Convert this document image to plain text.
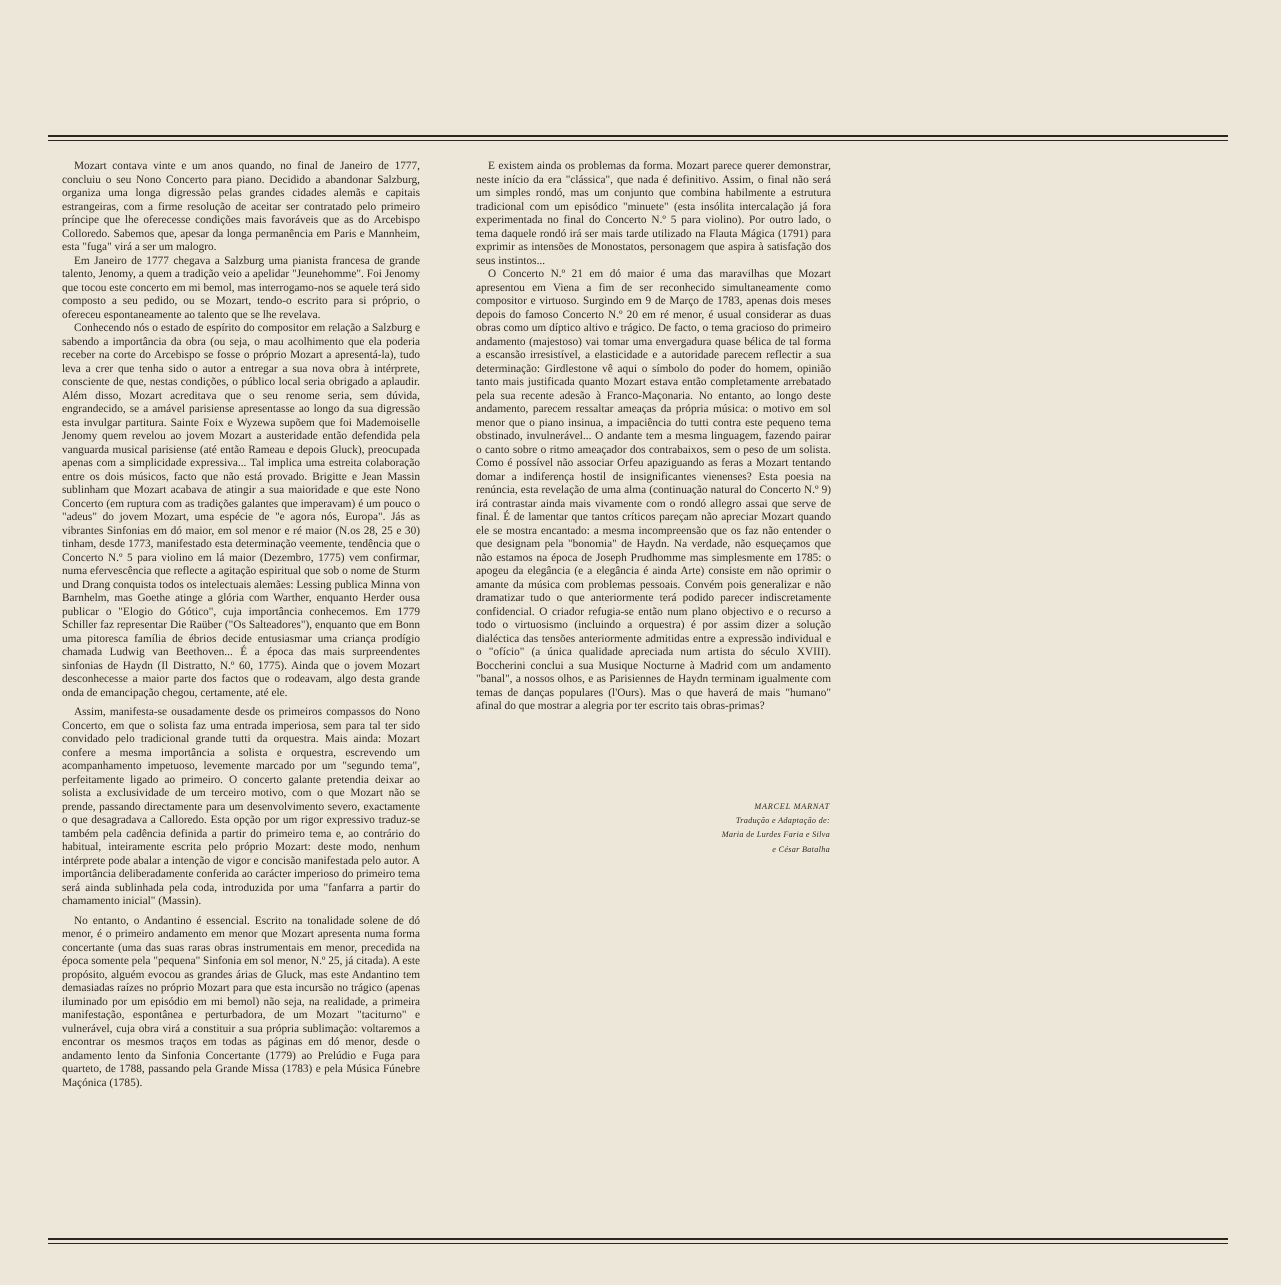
Mozart contava vinte e um anos quando, no final de Janeiro de 1777, concluiu o seu Nono Concerto para piano. Decidido a abandonar Salzburg, organiza uma longa digressão pelas grandes cidades alemãs e capitais estrangeiras, com a firme resolução de aceitar ser contratado pelo primeiro príncipe que lhe oferecesse condições mais favoráveis que as do Arcebispo Colloredo. Sabemos que, apesar da longa permanência em Paris e Mannheim, esta "fuga" virá a ser um malogro.

Em Janeiro de 1777 chegava a Salzburg uma pianista francesa de grande talento, Jenomy, a quem a tradição veio a apelidar "Jeunehomme". Foi Jenomy que tocou este concerto em mi bemol, mas interrogamo-nos se aquele terá sido composto a seu pedido, ou se Mozart, tendo-o escrito para si próprio, o ofereceu espontaneamente ao talento que se lhe revelava.

Conhecendo nós o estado de espírito do compositor em relação a Salzburg e sabendo a importância da obra (ou seja, o mau acolhimento que ela poderia receber na corte do Arcebispo se fosse o próprio Mozart a apresentá-la), tudo leva a crer que tenha sido o autor a entregar a sua nova obra à intérprete, consciente de que, nestas condições, o público local seria obrigado a aplaudir. Além disso, Mozart acreditava que o seu renome seria, sem dúvida, engrandecido, se a amável parisiense apresentasse ao longo da sua digressão esta invulgar partitura. Sainte Foix e Wyzewa supõem que foi Mademoiselle Jenomy quem revelou ao jovem Mozart a austeridade então defendida pela vanguarda musical parisiense (até então Rameau e depois Gluck), preocupada apenas com a simplicidade expressiva... Tal implica uma estreita colaboração entre os dois músicos, facto que não está provado. Brigitte e Jean Massin sublinham que Mozart acabava de atingir a sua maioridade e que este Nono Concerto (em ruptura com as tradições galantes que imperavam) é um pouco o "adeus" do jovem Mozart, uma espécie de "e agora nós, Europa". Jás as vibrantes Sinfonias em dó maior, em sol menor e ré maior (N.os 28, 25 e 30) tinham, desde 1773, manifestado esta determinação veemente, tendência que o Concerto N.º 5 para violino em lá maior (Dezembro, 1775) vem confirmar, numa efervescência que reflecte a agitação espiritual que sob o nome de Sturm und Drang conquista todos os intelectuais alemães: Lessing publica Minna von Barnhelm, mas Goethe atinge a glória com Warther, enquanto Herder ousa publicar o "Elogio do Gótico", cuja importância conhecemos. Em 1779 Schiller faz representar Die Raüber ("Os Salteadores"), enquanto que em Bonn uma pitoresca família de ébrios decide entusiasmar uma criança prodígio chamada Ludwig van Beethoven... É a época das mais surpreendentes sinfonias de Haydn (Il Distratto, N.º 60, 1775). Ainda que o jovem Mozart desconhecesse a maior parte dos factos que o rodeavam, algo desta grande onda de emancipação chegou, certamente, até ele.

Assim, manifesta-se ousadamente desde os primeiros compassos do Nono Concerto, em que o solista faz uma entrada imperiosa, sem para tal ter sido convidado pelo tradicional grande tutti da orquestra. Mais ainda: Mozart confere a mesma importância a solista e orquestra, escrevendo um acompanhamento impetuoso, levemente marcado por um "segundo tema", perfeitamente ligado ao primeiro. O concerto galante pretendia deixar ao solista a exclusividade de um terceiro motivo, com o que Mozart não se prende, passando directamente para um desenvolvimento severo, exactamente o que desagradava a Calloredo. Esta opção por um rigor expressivo traduz-se também pela cadência definida a partir do primeiro tema e, ao contrário do habitual, inteiramente escrita pelo próprio Mozart: deste modo, nenhum intérprete pode abalar a intenção de vigor e concisão manifestada pelo autor. A importância deliberadamente conferida ao carácter imperioso do primeiro tema será ainda sublinhada pela coda, introduzida por uma "fanfarra a partir do chamamento inicial" (Massin).

No entanto, o Andantino é essencial. Escrito na tonalidade solene de dó menor, é o primeiro andamento em menor que Mozart apresenta numa forma concertante (uma das suas raras obras instrumentais em menor, precedida na época somente pela "pequena" Sinfonia em sol menor, N.º 25, já citada). A este propósito, alguém evocou as grandes árias de Gluck, mas este Andantino tem demasiadas raízes no próprio Mozart para que esta incursão no trágico (apenas iluminado por um episódio em mi bemol) não seja, na realidade, a primeira manifestação, espontânea e perturbadora, de um Mozart "taciturno" e vulnerável, cuja obra virá a constituir a sua própria sublimação: voltaremos a encontrar os mesmos traços em todas as páginas em dó menor, desde o andamento lento da Sinfonia Concertante (1779) ao Prelúdio e Fuga para quarteto, de 1788, passando pela Grande Missa (1783) e pela Música Fúnebre Maçónica (1785).

E existem ainda os problemas da forma. Mozart parece querer demonstrar, neste início da era "clássica", que nada é definitivo. Assim, o final não será um simples rondó, mas um conjunto que combina habilmente a estrutura tradicional com um episódico "minuete" (esta insólita intercalação já fora experimentada no final do Concerto N.º 5 para violino). Por outro lado, o tema daquele rondó irá ser mais tarde utilizado na Flauta Mágica (1791) para exprimir as intensões de Monostatos, personagem que aspira à satisfação dos seus instintos...

O Concerto N.º 21 em dó maior é uma das maravilhas que Mozart apresentou em Viena a fim de ser reconhecido simultaneamente como compositor e virtuoso. Surgindo em 9 de Março de 1783, apenas dois meses depois do famoso Concerto N.º 20 em ré menor, é usual considerar as duas obras como um díptico altivo e trágico. De facto, o tema gracioso do primeiro andamento (majestoso) vai tomar uma envergadura quase bélica de tal forma a escansão irresistível, a elasticidade e a autoridade parecem reflectir a sua determinação: Girdlestone vê aqui o símbolo do poder do homem, opinião tanto mais justificada quanto Mozart estava então completamente arrebatado pela sua recente adesão à Franco-Maçonaria. No entanto, ao longo deste andamento, parecem ressaltar ameaças da própria música: o motivo em sol menor que o piano insinua, a impaciência do tutti contra este pequeno tema obstinado, invulnerável... O andante tem a mesma linguagem, fazendo pairar o canto sobre o ritmo ameaçador dos contrabaixos, sem o peso de um solista. Como é possível não associar Orfeu apaziguando as feras a Mozart tentando domar a indiferença hostil de insignificantes vienenses? Esta poesia na renúncia, esta revelação de uma alma (continuação natural do Concerto N.º 9) irá contrastar ainda mais vivamente com o rondó allegro assai que serve de final. É de lamentar que tantos críticos pareçam não apreciar Mozart quando ele se mostra encantado: a mesma incompreensão que os faz não entender o que designam pela "bonomia" de Haydn. Na verdade, não esqueçamos que não estamos na época de Joseph Prudhomme mas simplesmente em 1785: o apogeu da elegância (e a elegância é ainda Arte) consiste em não oprimir o amante da música com problemas pessoais. Convém pois generalizar e não dramatizar tudo o que anteriormente terá podido parecer indiscretamente confidencial. O criador refugia-se então num plano objectivo e o recurso a todo o virtuosismo (incluindo a orquestra) é por assim dizer a solução dialéctica das tensões anteriormente admitidas entre a expressão individual e o "ofício" (a única qualidade apreciada num artista do século XVIII). Boccherini conclui a sua Musique Nocturne à Madrid com um andamento "banal", a nossos olhos, e as Parisiennes de Haydn terminam igualmente com temas de danças populares (l'Ours). Mas o que haverá de mais "humano" afinal do que mostrar a alegria por ter escrito tais obras-primas?

MARCEL MARNAT
Tradução e Adaptação de:
Maria de Lurdes Faria e Silva
e César Batalha
